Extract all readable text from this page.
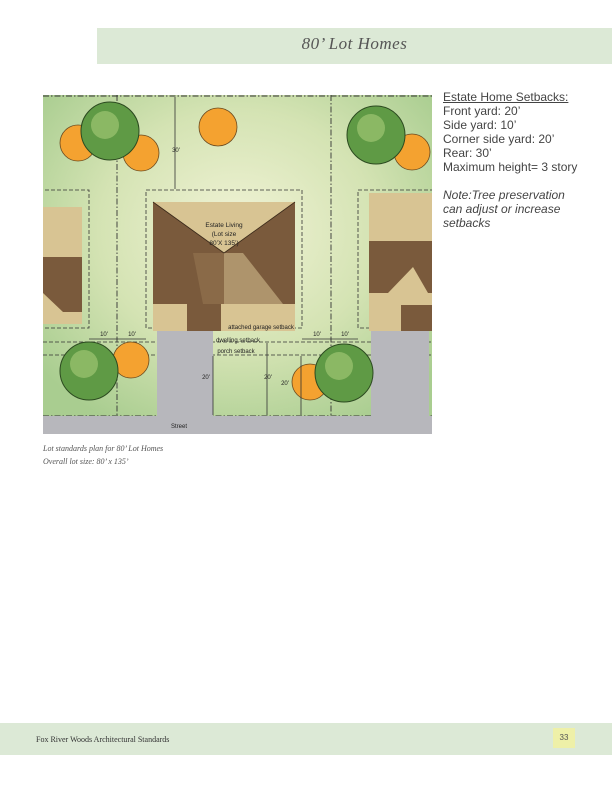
80’ Lot Homes
Estate Living
(Lot size
80’X 135’)
30'
10'	10'	10'	10'
20'	20'
20'
attached garage setback
dwelling setback
porch setback
Street
Estate Home Setbacks:
Front yard: 20’
Side yard: 10’
Corner side yard: 20’
Rear: 30’
Maximum height= 3 story
Note:Tree preservation
can adjust or increase
setbacks
Lot standards plan for 80’ Lot Homes
Overall lot size: 80’ x 135’
Fox River Woods Architectural Standards	33
